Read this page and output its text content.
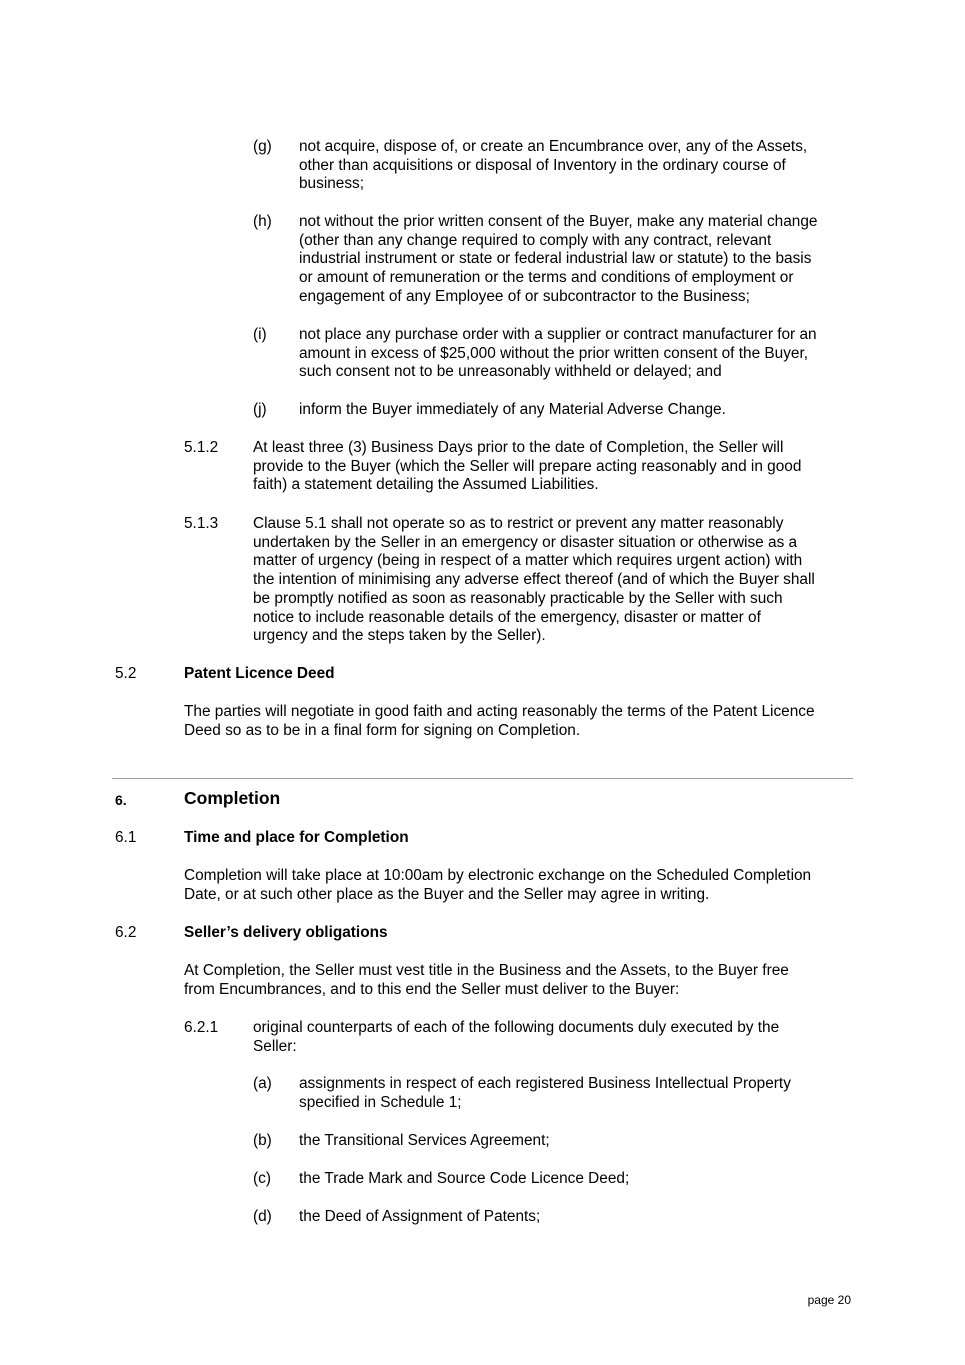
(g) not acquire, dispose of, or create an Encumbrance over, any of the Assets,
other than acquisitions or disposal of Inventory in the ordinary course of
business;
(h) not without the prior written consent of the Buyer, make any material change
(other than any change required to comply with any contract, relevant
industrial instrument or state or federal industrial law or statute) to the basis
or amount of remuneration or the terms and conditions of employment or
engagement of any Employee of or subcontractor to the Business;
(i) not place any purchase order with a supplier or contract manufacturer for an
amount in excess of $25,000 without the prior written consent of the Buyer,
such consent not to be unreasonably withheld or delayed; and
(j) inform the Buyer immediately of any Material Adverse Change.
5.1.2 At least three (3) Business Days prior to the date of Completion, the Seller will
provide to the Buyer (which the Seller will prepare acting reasonably and in good
faith) a statement detailing the Assumed Liabilities.
5.1.3 Clause 5.1 shall not operate so as to restrict or prevent any matter reasonably
undertaken by the Seller in an emergency or disaster situation or otherwise as a
matter of urgency (being in respect of a matter which requires urgent action) with
the intention of minimising any adverse effect thereof (and of which the Buyer shall
be promptly notified as soon as reasonably practicable by the Seller with such
notice to include reasonable details of the emergency, disaster or matter of
urgency and the steps taken by the Seller).
5.2	Patent Licence Deed
The parties will negotiate in good faith and acting reasonably the terms of the Patent Licence
Deed so as to be in a final form for signing on Completion.
6.	Completion
6.1	Time and place for Completion
Completion will take place at 10:00am by electronic exchange on the Scheduled Completion
Date, or at such other place as the Buyer and the Seller may agree in writing.
6.2	Seller’s delivery obligations
At Completion, the Seller must vest title in the Business and the Assets, to the Buyer free
from Encumbrances, and to this end the Seller must deliver to the Buyer:
6.2.1 original counterparts of each of the following documents duly executed by the
Seller:
(a) assignments in respect of each registered Business Intellectual Property
specified in Schedule 1;
(b) the Transitional Services Agreement;
(c) the Trade Mark and Source Code Licence Deed;
(d) the Deed of Assignment of Patents;
page 20
